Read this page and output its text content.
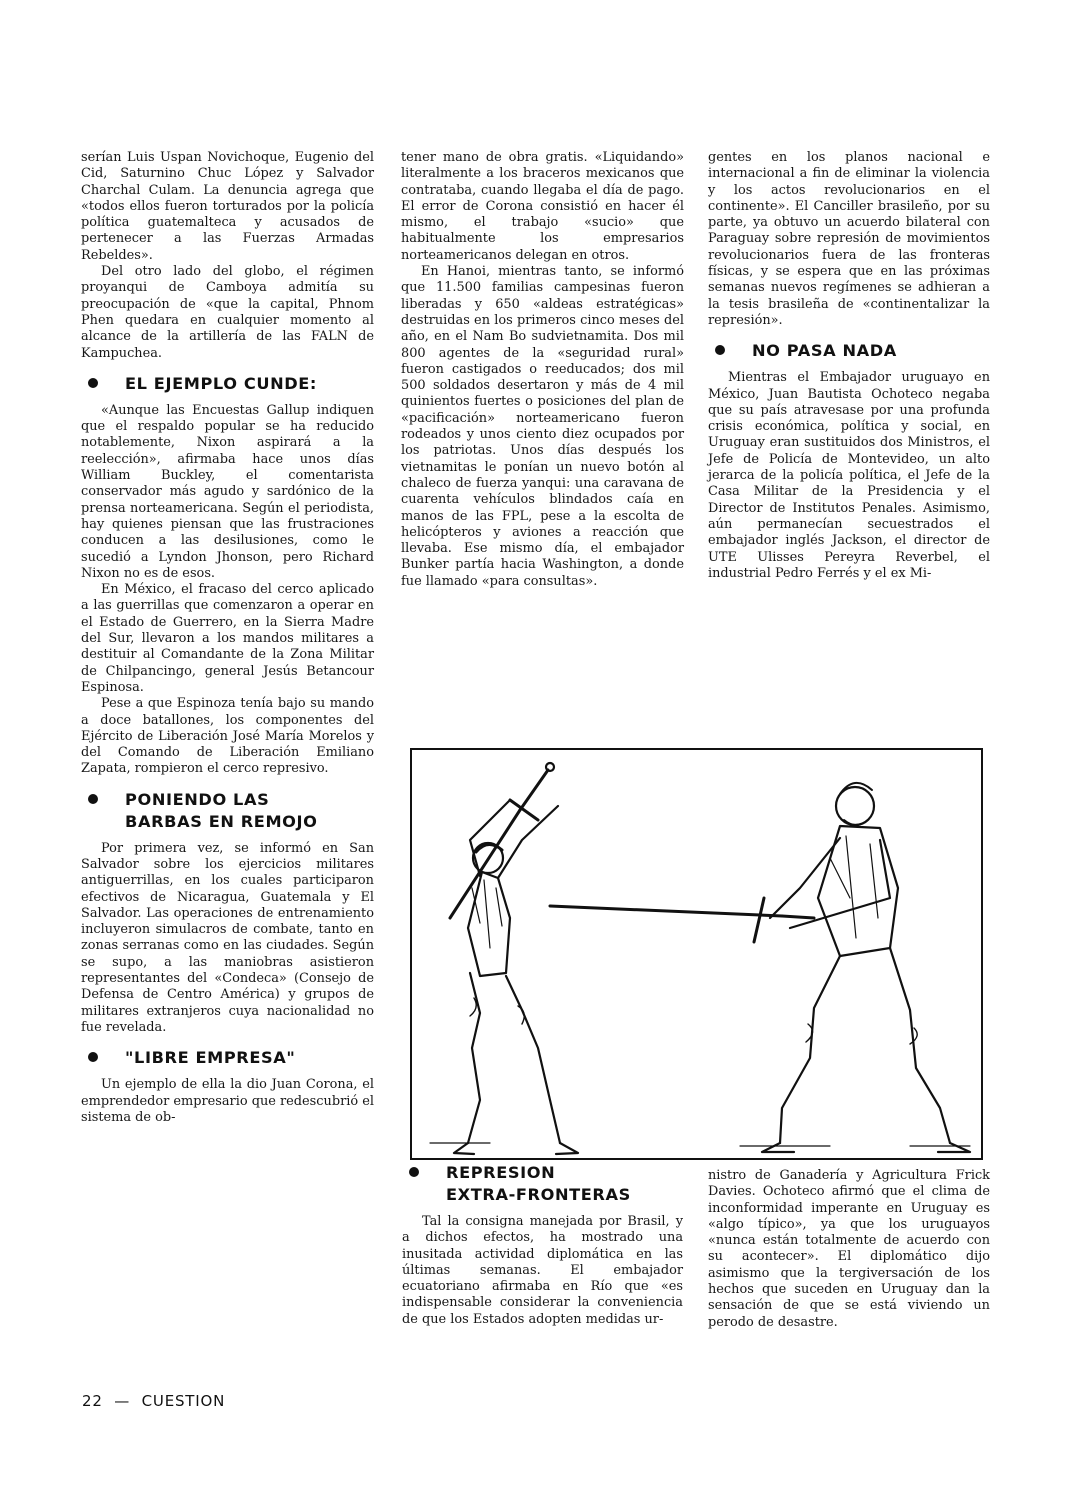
serían Luis Uspan Novichoque, Eugenio del Cid, Saturnino Chuc López y Salvador Charchal Culam. La denuncia agrega que «todos ellos fueron torturados por la policía política guatemalteca y acusados de pertenecer a las Fuerzas Armadas Rebeldes».

Del otro lado del globo, el régimen proyanqui de Camboya admitía su preocupación de «que la capital, Phnom Phen quedara en cualquier momento al alcance de la artillería de las FALN de Kampuchea.

EL EJEMPLO CUNDE:

«Aunque las Encuestas Gallup indiquen que el respaldo popular se ha reducido notablemente, Nixon aspirará a la reelección», afirmaba hace unos días William Buckley, el comentarista conservador más agudo y sardónico de la prensa norteamericana. Según el periodista, hay quienes piensan que las frustraciones conducen a las desilusiones, como le sucedió a Lyndon Jhonson, pero Richard Nixon no es de esos.

En México, el fracaso del cerco aplicado a las guerrillas que comenzaron a operar en el Estado de Guerrero, en la Sierra Madre del Sur, llevaron a los mandos militares a destituir al Comandante de la Zona Militar de Chilpancingo, general Jesús Betancour Espinosa.

Pese a que Espinoza tenía bajo su mando a doce batallones, los componentes del Ejército de Liberación José María Morelos y del Comando de Liberación Emiliano Zapata, rompieron el cerco represivo.

PONIENDO LAS
BARBAS EN REMOJO

Por primera vez, se informó en San Salvador sobre los ejercicios militares antiguerrillas, en los cuales participaron efectivos de Nicaragua, Guatemala y El Salvador. Las operaciones de entrenamiento incluyeron simulacros de combate, tanto en zonas serranas como en las ciudades. Según se supo, a las maniobras asistieron representantes del «Condeca» (Consejo de Defensa de Centro América) y grupos de militares extranjeros cuya nacionalidad no fue revelada.

"LIBRE EMPRESA"

Un ejemplo de ella la dio Juan Corona, el emprendedor empresario que redescubrió el sistema de ob-

tener mano de obra gratis. «Liquidando» literalmente a los braceros mexicanos que contrataba, cuando llegaba el día de pago. El error de Corona consistió en hacer él mismo, el trabajo «sucio» que habitualmente los empresarios norteamericanos delegan en otros.

En Hanoi, mientras tanto, se informó que 11.500 familias campesinas fueron liberadas y 650 «aldeas estratégicas» destruidas en los primeros cinco meses del año, en el Nam Bo sudvietnamita. Dos mil 800 agentes de la «seguridad rural» fueron castigados o reeducados; dos mil 500 soldados desertaron y más de 4 mil quinientos fuertes o posiciones del plan de «pacificación» norteamericano fueron rodeados y unos ciento diez ocupados por los patriotas. Unos días después los vietnamitas le ponían un nuevo botón al chaleco de fuerza yanqui: una caravana de cuarenta vehículos blindados caía en manos de las FPL, pese a la escolta de helicópteros y aviones a reacción que llevaba. Ese mismo día, el embajador Bunker partía hacia Washington, a donde fue llamado «para consultas».

gentes en los planos nacional e internacional a fin de eliminar la violencia y los actos revolucionarios en el continente». El Canciller brasileño, por su parte, ya obtuvo un acuerdo bilateral con Paraguay sobre represión de movimientos revolucionarios fuera de las fronteras físicas, y se espera que en las próximas semanas nuevos regímenes se adhieran a la tesis brasileña de «continentalizar la represión».

NO PASA NADA

Mientras el Embajador uruguayo en México, Juan Bautista Ochoteco negaba que su país atravesase por una profunda crisis económica, política y social, en Uruguay eran sustituidos dos Ministros, el Jefe de Policía de Montevideo, un alto jerarca de la policía política, el Jefe de la Casa Militar de la Presidencia y el Director de Institutos Penales. Asimismo, aún permanecían secuestrados el embajador inglés Jackson, el director de UTE Ulisses Pereyra Reverbel, el industrial Pedro Ferrés y el ex Mi-

REPRESION
EXTRA-FRONTERAS

Tal la consigna manejada por Brasil, y a dichos efectos, ha mostrado una inusitada actividad diplomática en las últimas semanas. El embajador ecuatoriano afirmaba en Río que «es indispensable considerar la conveniencia de que los Estados adopten medidas ur-

nistro de Ganadería y Agricultura Frick Davies. Ochoteco afirmó que el clima de inconformidad imperante en Uruguay es «algo típico», ya que los uruguayos «nunca están totalmente de acuerdo con su acontecer». El diplomático dijo asimismo que la tergiversación de los hechos que suceden en Uruguay dan la sensación de que se está viviendo un perodo de desastre.

22 — CUESTION
